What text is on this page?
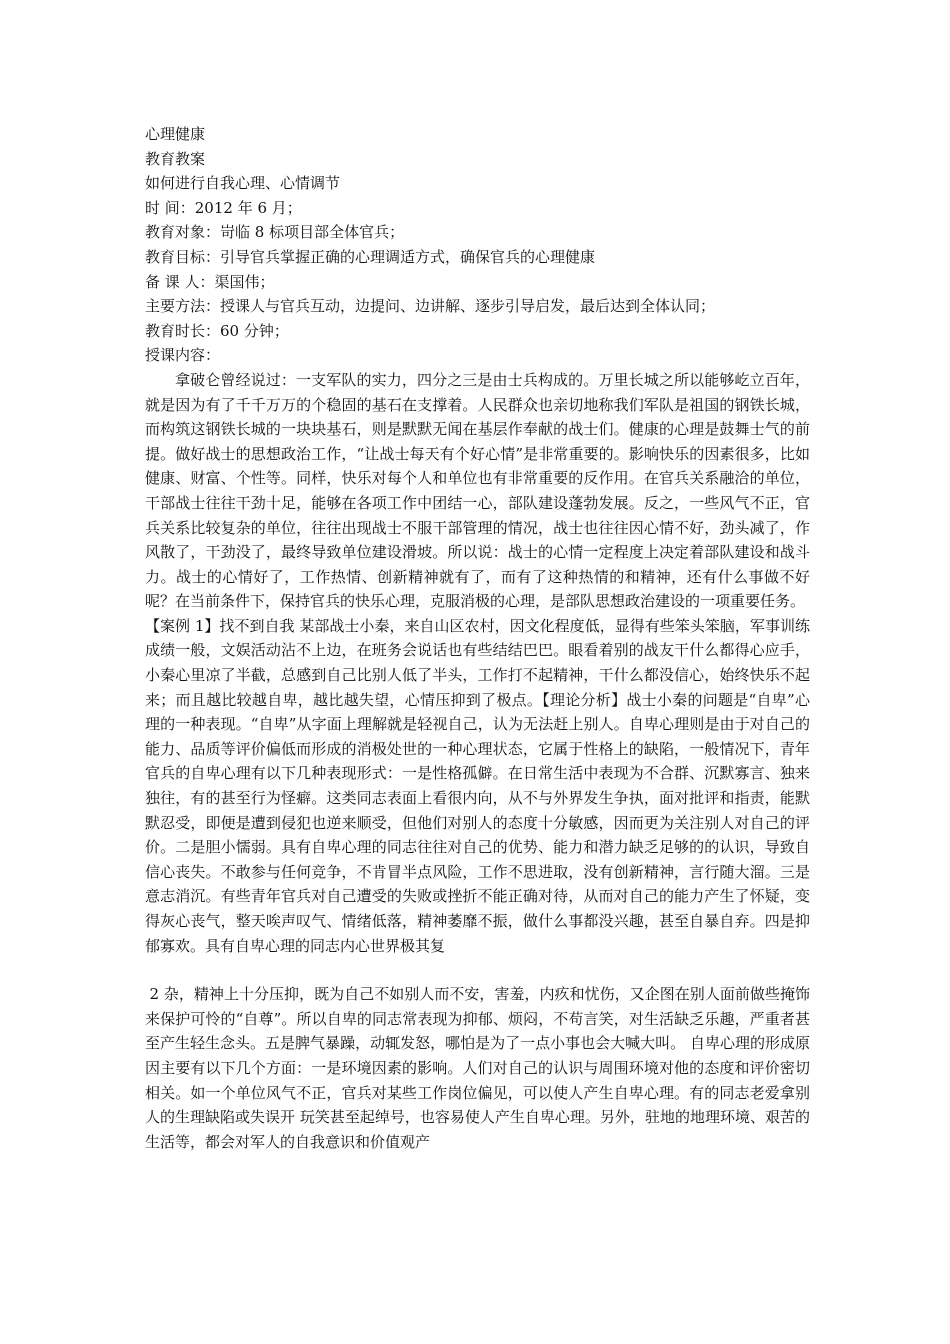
心理健康
教育教案
如何进行自我心理、心情调节
时 间：2012 年 6 月；
教育对象：岢临 8 标项目部全体官兵；
教育目标：引导官兵掌握正确的心理调适方式，确保官兵的心理健康
备 课 人：渠国伟；
主要方法：授课人与官兵互动，边提问、边讲解、逐步引导启发，最后达到全体认同；
教育时长：60 分钟；
授课内容：

拿破仑曾经说过：一支军队的实力，四分之三是由士兵构成的。万里长城之所以能够屹立百年，就是因为有了千千万万的个稳固的基石在支撑着。人民群众也亲切地称我们军队是祖国的钢铁长城，而构筑这钢铁长城的一块块基石，则是默默无闻在基层作奉献的战士们。健康的心理是鼓舞士气的前提。做好战士的思想政治工作，“让战士每天有个好心情”是非常重要的。影响快乐的因素很多，比如健康、财富、个性等。同样，快乐对每个人和单位也有非常重要的反作用。在官兵关系融洽的单位，干部战士往往干劲十足，能够在各项工作中团结一心，部队建设蓬勃发展。反之，一些风气不正，官兵关系比较复杂的单位，往往出现战士不服干部管理的情况，战士也往往因心情不好，劲头减了，作风散了，干劲没了，最终导致单位建设滑坡。所以说：战士的心情一定程度上决定着部队建设和战斗力。战士的心情好了，工作热情、创新精神就有了，而有了这种热情的和精神，还有什么事做不好呢？在当前条件下，保持官兵的快乐心理，克服消极的心理，是部队思想政治建设的一项重要任务。

【案例 1】找不到自我 某部战士小秦，来自山区农村，因文化程度低，显得有些笨头笨脑，军事训练成绩一般，文娱活动沾不上边，在班务会说话也有些结结巴巴。眼看着别的战友干什么都得心应手，小秦心里凉了半截，总感到自己比别人低了半头，工作打不起精神，干什么都没信心，始终快乐不起来；而且越比较越自卑，越比越失望，心情压抑到了极点。【理论分析】战士小秦的问题是“自卑”心理的一种表现。“自卑”从字面上理解就是轻视自己，认为无法赶上别人。自卑心理则是由于对自己的能力、品质等评价偏低而形成的消极处世的一种心理状态，它属于性格上的缺陷，一般情况下，青年官兵的自卑心理有以下几种表现形式：一是性格孤僻。在日常生活中表现为不合群、沉默寡言、独来独往，有的甚至行为怪癖。这类同志表面上看很内向，从不与外界发生争执，面对批评和指责，能默默忍受，即便是遭到侵犯也逆来顺受，但他们对别人的态度十分敏感，因而更为关注别人对自己的评价。二是胆小懦弱。具有自卑心理的同志往往对自己的优势、能力和潜力缺乏足够的的认识，导致自信心丧失。不敢参与任何竞争，不肯冒半点风险，工作不思进取，没有创新精神，言行随大溜。三是意志消沉。有些青年官兵对自己遭受的失败或挫折不能正确对待，从而对自己的能力产生了怀疑，变得灰心丧气，整天唉声叹气、情绪低落，精神萎靡不振，做什么事都没兴趣，甚至自暴自弃。四是抑郁寡欢。具有自卑心理的同志内心世界极其复

2 杂，精神上十分压抑，既为自己不如别人而不安，害羞，内疚和忧伤，又企图在别人面前做些掩饰来保护可怜的“自尊”。所以自卑的同志常表现为抑郁、烦闷，不苟言笑，对生活缺乏乐趣，严重者甚至产生轻生念头。五是脾气暴躁，动辄发怒，哪怕是为了一点小事也会大喊大叫。 自卑心理的形成原因主要有以下几个方面：一是环境因素的影响。人们对自己的认识与周围环境对他的态度和评价密切相关。如一个单位风气不正，官兵对某些工作岗位偏见，可以使人产生自卑心理。有的同志老爱拿别人的生理缺陷或失误开 玩笑甚至起绰号，也容易使人产生自卑心理。另外，驻地的地理环境、艰苦的生活等，都会对军人的自我意识和价值观产
